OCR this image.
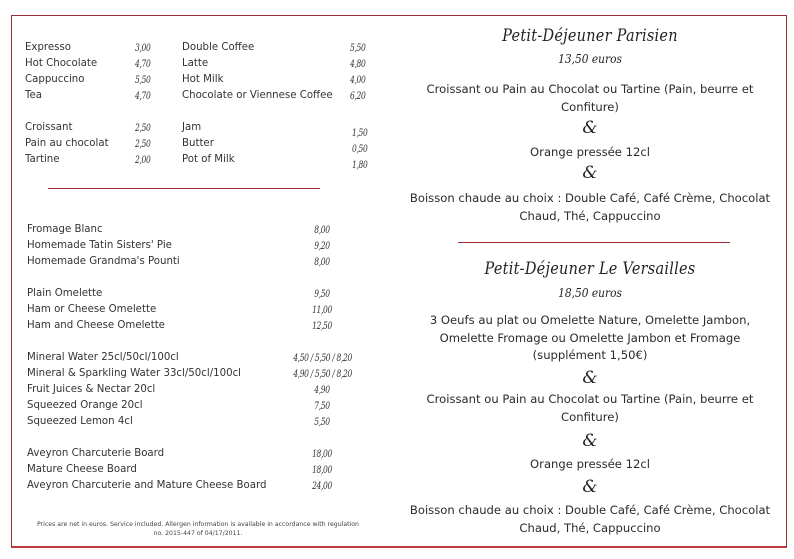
Expresso	3,00
Hot Chocolate	4,70
Cappuccino	5,50
Tea	4,70
Double Coffee	5,50
Latte	4,80
Hot Milk	4,00
Chocolate or Viennese Coffee 6,20
Croissant	2,50
Pain au chocolat	2,50
Tartine	2,00
Jam	1,50
Butter	0,50
Pot of Milk	1,80
Fromage Blanc	8,00
Homemade Tatin Sisters' Pie	9,20
Homemade Grandma's Pounti	8,00
Plain Omelette	9,50
Ham or Cheese Omelette	11,00
Ham and Cheese Omelette	12,50
Mineral Water 25cl/50cl/100cl	4,50 / 5,50 / 8,20
Mineral & Sparkling Water 33cl/50cl/100cl	4,90 / 5,50 / 8,20
Fruit Juices & Nectar 20cl	4,90
Squeezed Orange 20cl	7,50
Squeezed Lemon 4cl	5,50
Aveyron Charcuterie Board	18,00
Mature Cheese Board	18,00
Aveyron Charcuterie and Mature Cheese Board	24,00
Prices are net in euros. Service included. Allergen information is available in accordance with regulation
no. 2015-447 of 04/17/2011.
Petit-Déjeuner Parisien
13,50 euros
Croissant ou Pain au Chocolat ou Tartine (Pain, beurre et
Confiture)
&
Orange pressée 12cl
&
Boisson chaude au choix : Double Café, Café Crème, Chocolat
Chaud, Thé, Cappuccino
Petit-Déjeuner Le Versailles
18,50 euros
3 Oeufs au plat ou Omelette Nature, Omelette Jambon,
Omelette Fromage ou Omelette Jambon et Fromage
(supplément 1,50€)
&
Croissant ou Pain au Chocolat ou Tartine (Pain, beurre et
Confiture)
&
Orange pressée 12cl
&
Boisson chaude au choix : Double Café, Café Crème, Chocolat
Chaud, Thé, Cappuccino
